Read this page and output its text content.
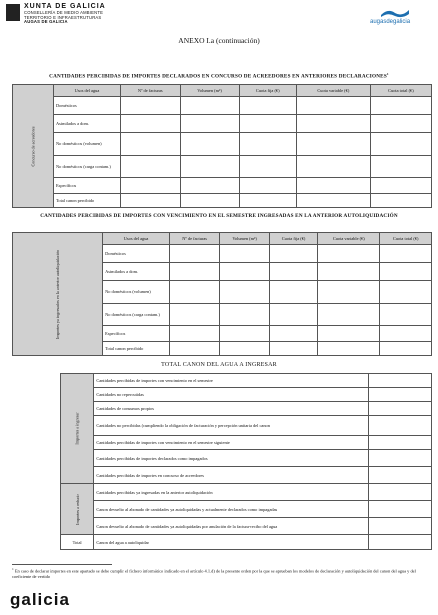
XUNTA DE GALICIA
CONSELLERÍA DE MEDIO AMBIENTE
TERRITORIO E INFRAESTRUTURAS
AUGAS DE GALICIA	augasdegalicia
ANEXO I.a (continuación)
CANTIDADES PERCIBIDAS DE IMPORTES DECLARADOS EN CONCURSO DE ACREEDORES EN ANTERIORES DECLARACIONES$^1$
Concurso de acreedores	Usos del agua	Nº de facturas	Volumen (m³)	Cuota fija (€)	Cuota variable (€)	Cuota total (€)
	Domésticos					
	Asimilados a dom.					
	No domésticos (volumen)					
	No domésticos (carga contam.)					
	Específicos					
	Total canon percibido					
CANTIDADES PERCIBIDAS DE IMPORTES CON VENCIMIENTO EN EL SEMESTRE INGRESADAS EN LA ANTERIOR AUTOLIQUIDACIÓN
Importes ya ingresados en la anterior autoliquidación	Usos del agua	Nº de facturas	Volumen (m³)	Cuota fija (€)	Cuota variable (€)	Cuota total (€)
	Domésticos					
	Asimilados a dom.					
	No domésticos (volumen)					
	No domésticos (carga contam.)					
	Específicos					
	Total canon percibido					
TOTAL CANON DEL AGUA A INGRESAR
Importes a ingresar	Cantidades percibidas de importes con vencimiento en el semestre	
	Cantidades no repercutidas	
	Cantidades de consumos propios	
	Cantidades no percibidas (cumpliendo la obligación de facturación y percepción unitaria del canon	
	Cantidades percibidas de importes con vencimiento en el semestre siguiente	
	Cantidades percibidas de importes declarados como impagados	
	Cantidades percibidas de importes en concurso de acreedores	
Importes a reducir	Cantidades percibidas ya ingresadas en la anterior autoliquidación	
	Canon devuelto al abonado de cantidades ya autoliquidadas y actualmente declarados como impagadas	
	Canon devuelto al abonado de cantidades ya autoliquidadas por anulación de la factura-recibo del agua	
Total	Canon del agua a autoliquidar	
$^1$ En caso de declarar importes en este apartado se debe cumplir el fichero informático indicado en el artículo 4.1.d) de la presente orden por la que se aprueban los modelos de declaración y autoliquidación del canon del agua y del coeficiente de vertido
galicia
